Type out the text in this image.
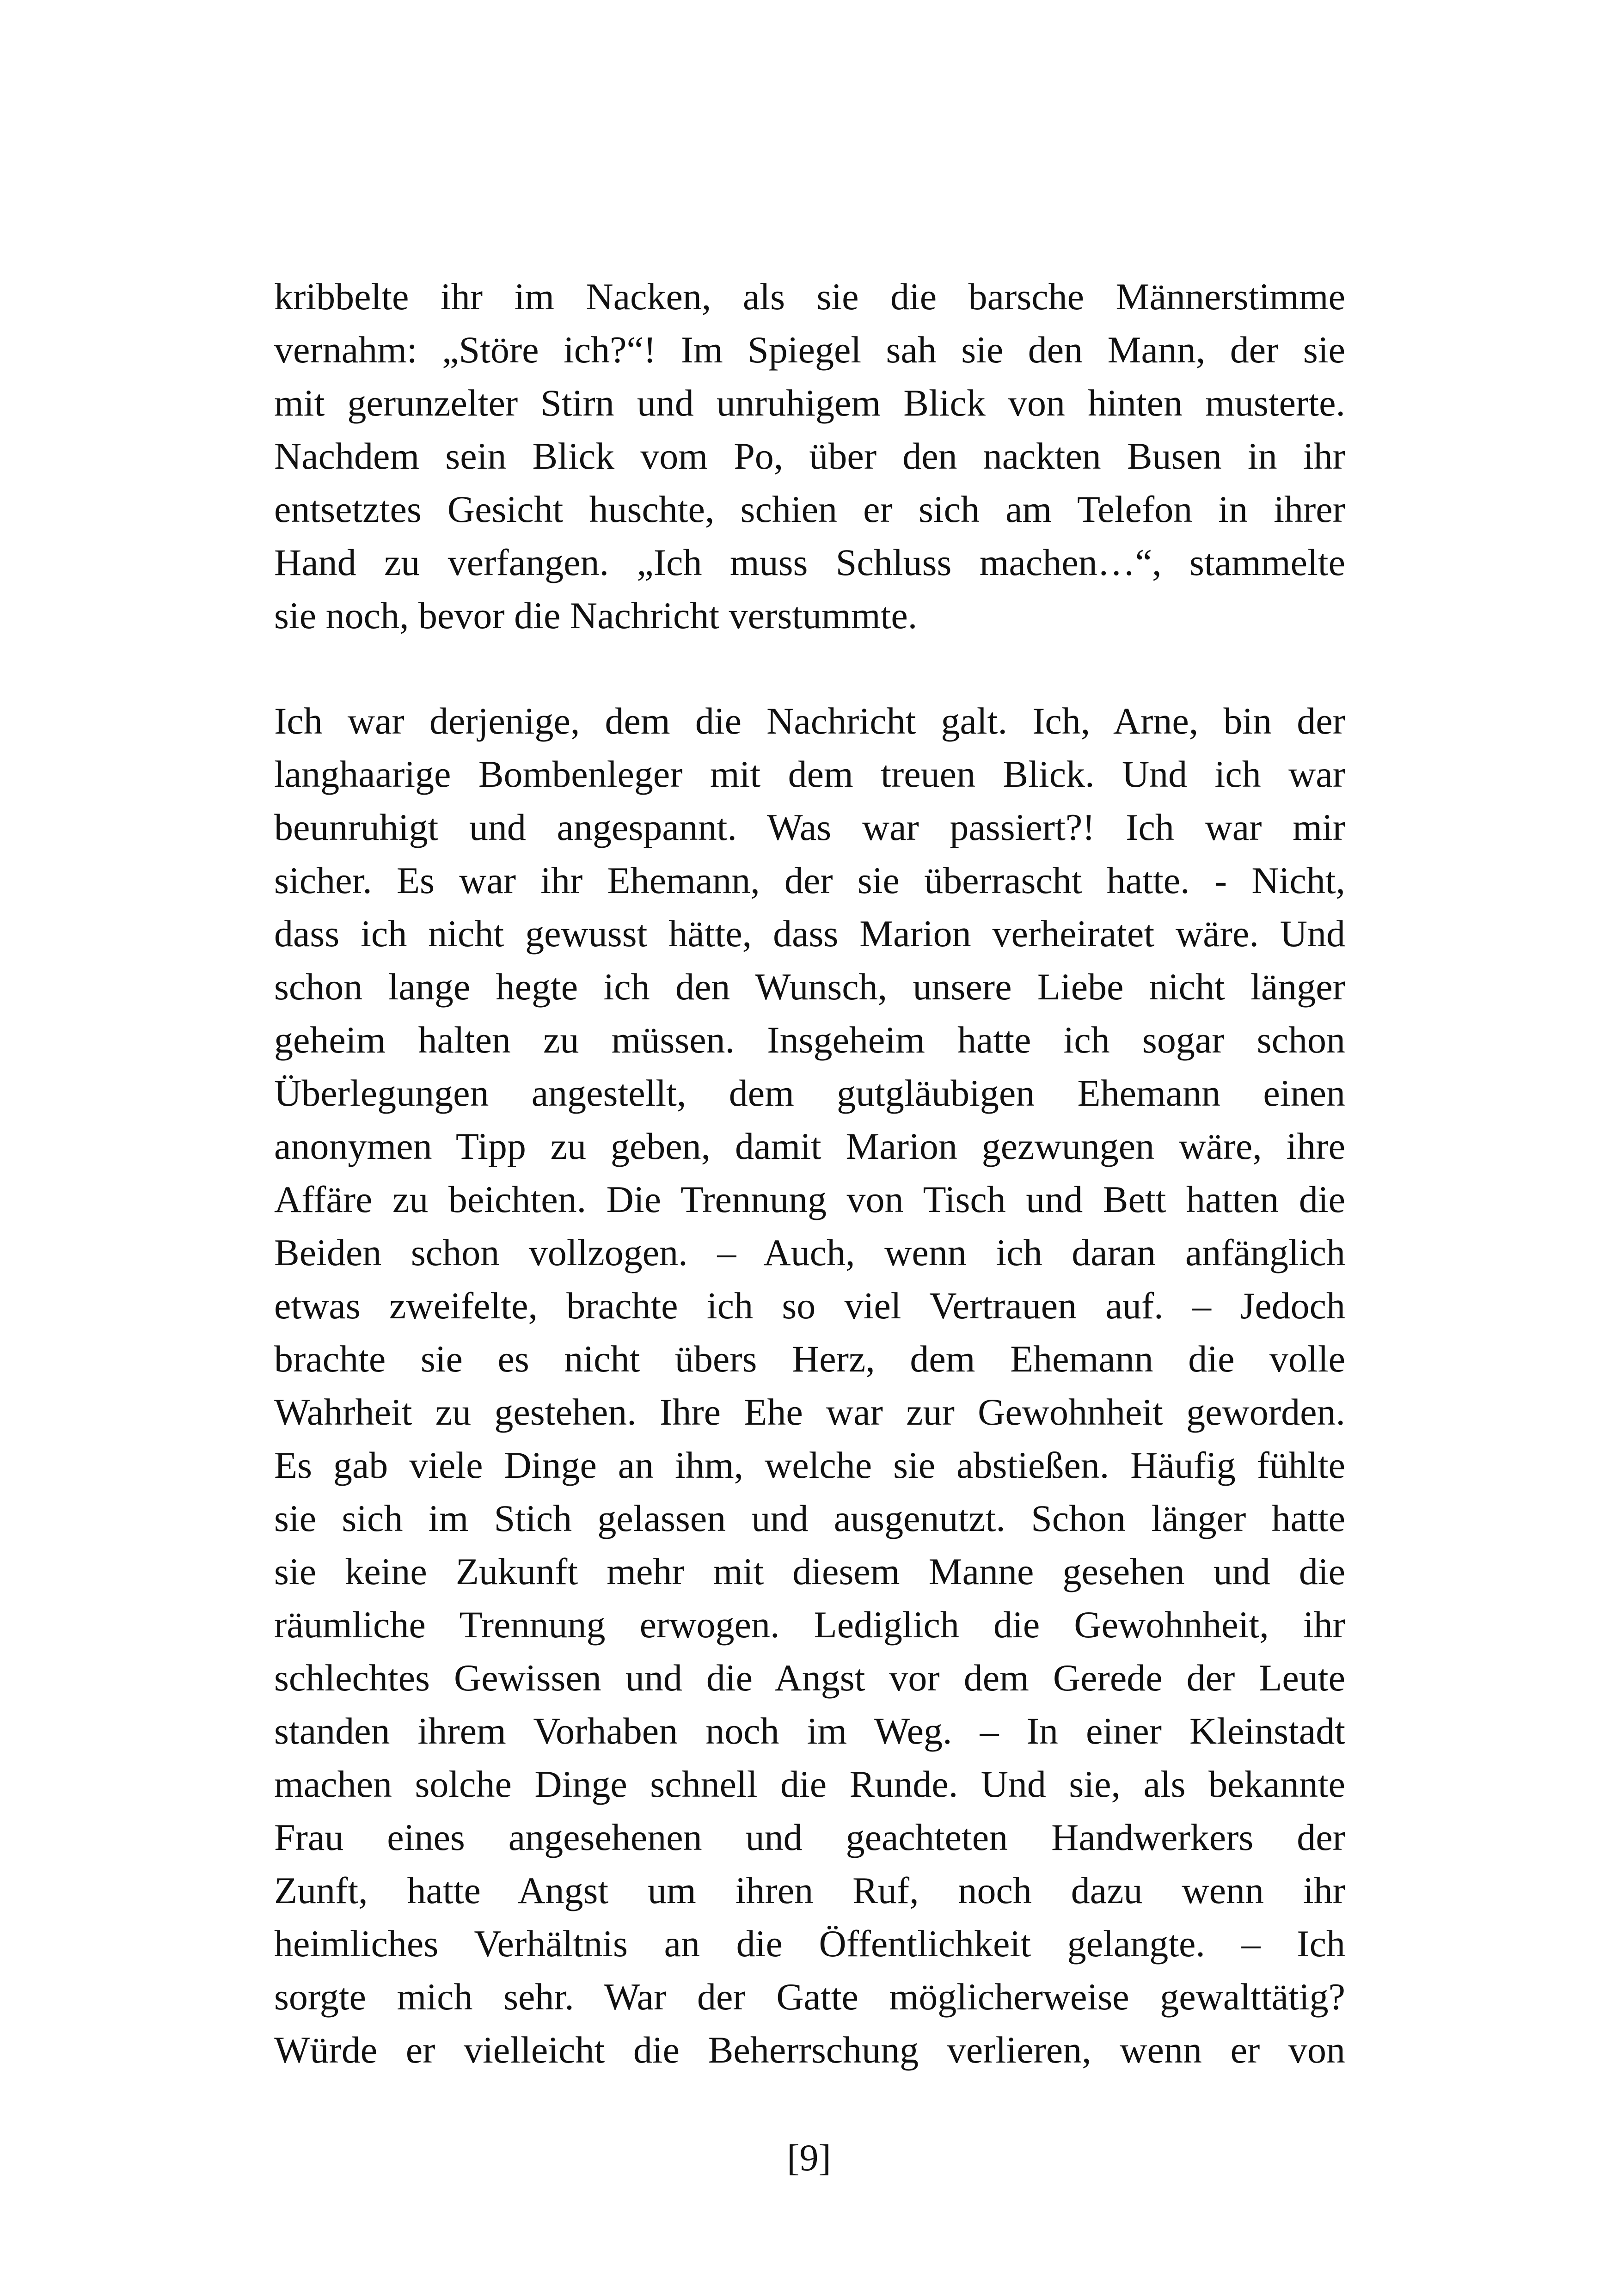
kribbelte ihr im Nacken, als sie die barsche Männerstimme
vernahm: „Störe ich?“! Im Spiegel sah sie den Mann, der sie
mit gerunzelter Stirn und unruhigem Blick von hinten musterte.
Nachdem sein Blick vom Po, über den nackten Busen in ihr
entsetztes Gesicht huschte, schien er sich am Telefon in ihrer
Hand zu verfangen. „Ich muss Schluss machen…“, stammelte
sie noch, bevor die Nachricht verstummte.
Ich war derjenige, dem die Nachricht galt. Ich, Arne, bin der
langhaarige Bombenleger mit dem treuen Blick. Und ich war
beunruhigt und angespannt. Was war passiert?! Ich war mir
sicher. Es war ihr Ehemann, der sie überrascht hatte. - Nicht,
dass ich nicht gewusst hätte, dass Marion verheiratet wäre. Und
schon lange hegte ich den Wunsch, unsere Liebe nicht länger
geheim halten zu müssen. Insgeheim hatte ich sogar schon
Überlegungen angestellt, dem gutgläubigen Ehemann einen
anonymen Tipp zu geben, damit Marion gezwungen wäre, ihre
Affäre zu beichten. Die Trennung von Tisch und Bett hatten die
Beiden schon vollzogen. – Auch, wenn ich daran anfänglich
etwas zweifelte, brachte ich so viel Vertrauen auf. – Jedoch
brachte sie es nicht übers Herz, dem Ehemann die volle
Wahrheit zu gestehen. Ihre Ehe war zur Gewohnheit geworden.
Es gab viele Dinge an ihm, welche sie abstießen. Häufig fühlte
sie sich im Stich gelassen und ausgenutzt. Schon länger hatte
sie keine Zukunft mehr mit diesem Manne gesehen und die
räumliche Trennung erwogen. Lediglich die Gewohnheit, ihr
schlechtes Gewissen und die Angst vor dem Gerede der Leute
standen ihrem Vorhaben noch im Weg. – In einer Kleinstadt
machen solche Dinge schnell die Runde. Und sie, als bekannte
Frau eines angesehenen und geachteten Handwerkers der
Zunft, hatte Angst um ihren Ruf, noch dazu wenn ihr
heimliches Verhältnis an die Öffentlichkeit gelangte. – Ich
sorgte mich sehr. War der Gatte möglicherweise gewalttätig?
Würde er vielleicht die Beherrschung verlieren, wenn er von
[9]
